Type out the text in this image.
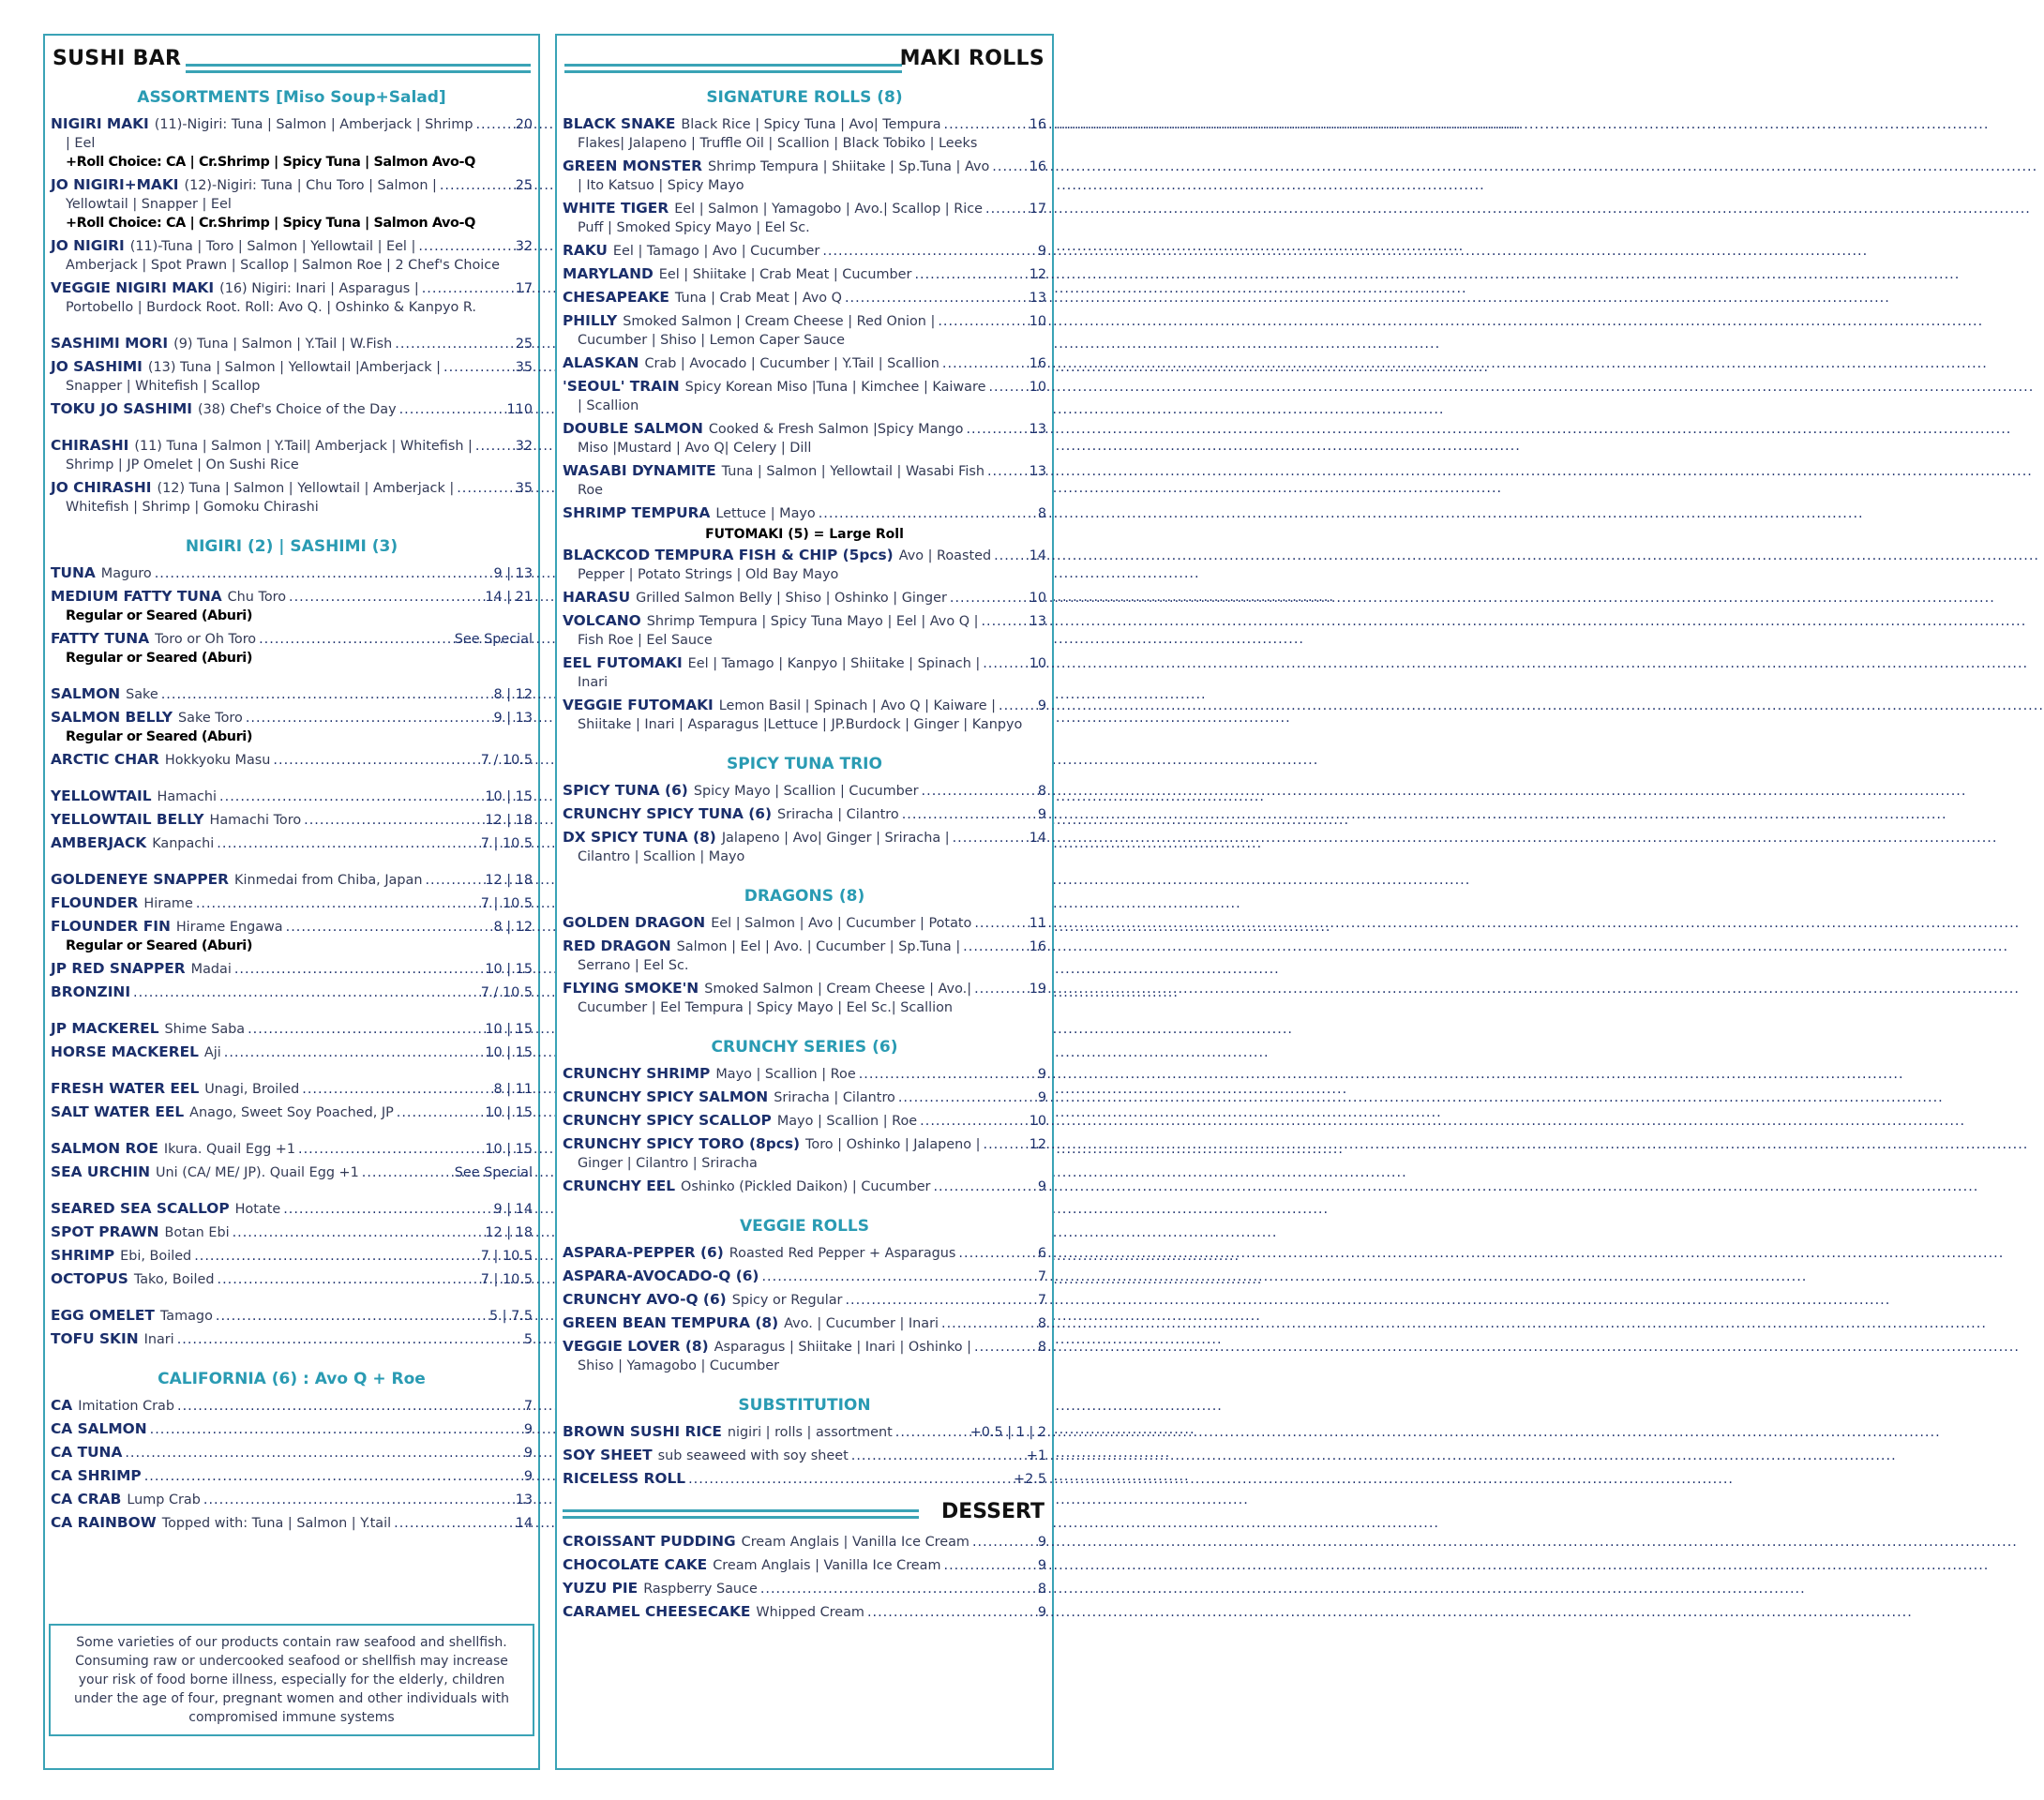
SUSHI BAR
ASSORTMENTS [Miso Soup+Salad]
NIGIRI MAKI (11)-Nigiri: Tuna | Salmon | Amberjack | Shrimp .....	20
| Eel
+Roll Choice: CA | Cr.Shrimp | Spicy Tuna | Salmon Avo-Q
JO NIGIRI+MAKI (12)-Nigiri: Tuna | Chu Toro | Salmon | .....	25
Yellowtail | Snapper | Eel
+Roll Choice: CA | Cr.Shrimp | Spicy Tuna | Salmon Avo-Q
JO NIGIRI (11)-Tuna | Toro | Salmon | Yellowtail | Eel | .....	32
Amberjack | Spot Prawn | Scallop | Salmon Roe | 2 Chef's Choice
VEGGIE NIGIRI MAKI (16) Nigiri: Inari | Asparagus | .....	17
Portobello | Burdock Root. Roll: Avo Q. | Oshinko & Kanpyo R.
SASHIMI MORI (9) Tuna | Salmon | Y.Tail | W.Fish .....	25
JO SASHIMI (13) Tuna | Salmon | Yellowtail |Amberjack | .....	35
Snapper | Whitefish | Scallop
TOKU JO SASHIMI (38) Chef's Choice of the Day .....	110
CHIRASHI (11) Tuna | Salmon | Y.Tail| Amberjack | Whitefish | .....	32
Shrimp | JP Omelet | On Sushi Rice
JO CHIRASHI (12) Tuna | Salmon | Yellowtail | Amberjack | .....	35
Whitefish | Shrimp | Gomoku Chirashi
NIGIRI (2) | SASHIMI (3)
TUNA Maguro .....	9 | 13
MEDIUM FATTY TUNA Chu Toro .....	14 | 21
Regular or Seared (Aburi)
FATTY TUNA Toro or Oh Toro .....	See Special
Regular or Seared (Aburi)
SALMON Sake .....	8 | 12
SALMON BELLY Sake Toro .....	9 | 13
Regular or Seared (Aburi)
ARCTIC CHAR Hokkyoku Masu .....	7 / 10.5
YELLOWTAIL Hamachi .....	10 | 15
YELLOWTAIL BELLY Hamachi Toro .....	12 | 18
AMBERJACK Kanpachi .....	7 | 10.5
GOLDENEYE SNAPPER Kinmedai from Chiba, Japan .....	12 | 18
FLOUNDER Hirame .....	7 | 10.5
FLOUNDER FIN Hirame Engawa .....	8 | 12
Regular or Seared (Aburi)
JP RED SNAPPER Madai .....	10 | 15
BRONZINI .....	7 / 10.5
JP MACKEREL Shime Saba .....	10 | 15
HORSE MACKEREL Aji .....	10 | 15
FRESH WATER EEL Unagi, Broiled .....	8 | 11
SALT WATER EEL Anago, Sweet Soy Poached, JP .....	10 | 15
SALMON ROE Ikura. Quail Egg +1 .....	10 | 15
SEA URCHIN Uni (CA/ ME/ JP). Quail Egg +1 .....	See Special
SEARED SEA SCALLOP Hotate .....	9 | 14
SPOT PRAWN Botan Ebi .....	12 | 18
SHRIMP Ebi, Boiled .....	7 | 10.5
OCTOPUS Tako, Boiled .....	7 | 10.5
EGG OMELET Tamago .....	5 | 7.5
TOFU SKIN Inari .....	5
CALIFORNIA (6) : Avo Q + Roe
CA Imitation Crab .....	7
CA SALMON .....	9
CA TUNA .....	9
CA SHRIMP .....	9
CA CRAB Lump Crab .....	13
CA RAINBOW Topped with: Tuna | Salmon | Y.tail .....	14
Some varieties of our products contain raw seafood and shellfish. Consuming raw or undercooked seafood or shellfish may increase your risk of food borne illness, especially for the elderly, children under the age of four, pregnant women and other individuals with compromised immune systems
MAKI ROLLS
SIGNATURE ROLLS (8)
BLACK SNAKE Black Rice | Spicy Tuna | Avo| Tempura .....	16
Flakes| Jalapeno | Truffle Oil | Scallion | Black Tobiko | Leeks
GREEN MONSTER Shrimp Tempura | Shiitake | Sp.Tuna | Avo .....	16
| Ito Katsuo | Spicy Mayo
WHITE TIGER Eel | Salmon | Yamagobo | Avo.| Scallop | Rice .....	17
Puff | Smoked Spicy Mayo | Eel Sc.
RAKU Eel | Tamago | Avo | Cucumber .....	9
MARYLAND Eel | Shiitake | Crab Meat | Cucumber .....	12
CHESAPEAKE Tuna | Crab Meat | Avo Q .....	13
PHILLY Smoked Salmon | Cream Cheese | Red Onion | .....	10
Cucumber | Shiso | Lemon Caper Sauce
ALASKAN Crab | Avocado | Cucumber | Y.Tail | Scallion .....	16
'SEOUL' TRAIN Spicy Korean Miso |Tuna | Kimchee | Kaiware .....	10
| Scallion
DOUBLE SALMON Cooked & Fresh Salmon |Spicy Mango .....	13
Miso |Mustard | Avo Q| Celery | Dill
WASABI DYNAMITE Tuna | Salmon | Yellowtail | Wasabi Fish .....	13
Roe
SHRIMP TEMPURA Lettuce | Mayo .....	8
FUTOMAKI (5) = Large Roll
BLACKCOD TEMPURA FISH & CHIP (5pcs) Avo | Roasted .....	14
Pepper | Potato Strings | Old Bay Mayo
HARASU Grilled Salmon Belly | Shiso | Oshinko | Ginger .....	10
VOLCANO Shrimp Tempura | Spicy Tuna Mayo | Eel | Avo Q | .....	13
Fish Roe | Eel Sauce
EEL FUTOMAKI Eel | Tamago | Kanpyo | Shiitake | Spinach | .....	10
Inari
VEGGIE FUTOMAKI Lemon Basil | Spinach | Avo Q | Kaiware | .....	9
Shiitake | Inari | Asparagus |Lettuce | JP.Burdock | Ginger | Kanpyo
SPICY TUNA TRIO
SPICY TUNA (6) Spicy Mayo | Scallion | Cucumber .....	8
CRUNCHY SPICY TUNA (6) Sriracha | Cilantro .....	9
DX SPICY TUNA (8) Jalapeno | Avo| Ginger | Sriracha | .....	14
Cilantro | Scallion | Mayo
DRAGONS (8)
GOLDEN DRAGON Eel | Salmon | Avo | Cucumber | Potato .....	11
RED DRAGON Salmon | Eel | Avo. | Cucumber | Sp.Tuna | .....	16
Serrano | Eel Sc.
FLYING SMOKE'N Smoked Salmon | Cream Cheese | Avo.| .....	19
Cucumber | Eel Tempura | Spicy Mayo | Eel Sc.| Scallion
CRUNCHY SERIES (6)
CRUNCHY SHRIMP Mayo | Scallion | Roe .....	9
CRUNCHY SPICY SALMON Sriracha | Cilantro .....	9
CRUNCHY SPICY SCALLOP Mayo | Scallion | Roe .....	10
CRUNCHY SPICY TORO (8pcs) Toro | Oshinko | Jalapeno | .....	12
Ginger | Cilantro | Sriracha
CRUNCHY EEL Oshinko (Pickled Daikon) | Cucumber .....	9
VEGGIE ROLLS
ASPARA-PEPPER (6) Roasted Red Pepper + Asparagus .....	6
ASPARA-AVOCADO-Q (6) .....	7
CRUNCHY AVO-Q (6) Spicy or Regular .....	7
GREEN BEAN TEMPURA (8) Avo. | Cucumber | Inari .....	8
VEGGIE LOVER (8) Asparagus | Shiitake | Inari | Oshinko | .....	8
Shiso | Yamagobo | Cucumber
SUBSTITUTION
BROWN SUSHI RICE nigiri | rolls | assortment .....	+0.5 | 1 | 2
SOY SHEET sub seaweed with soy sheet .....	+1
RICELESS ROLL .....	+2.5
DESSERT
CROISSANT PUDDING Cream Anglais | Vanilla Ice Cream .....	9
CHOCOLATE CAKE Cream Anglais | Vanilla Ice Cream .....	9
YUZU PIE Raspberry Sauce .....	8
CARAMEL CHEESECAKE Whipped Cream .....	9
